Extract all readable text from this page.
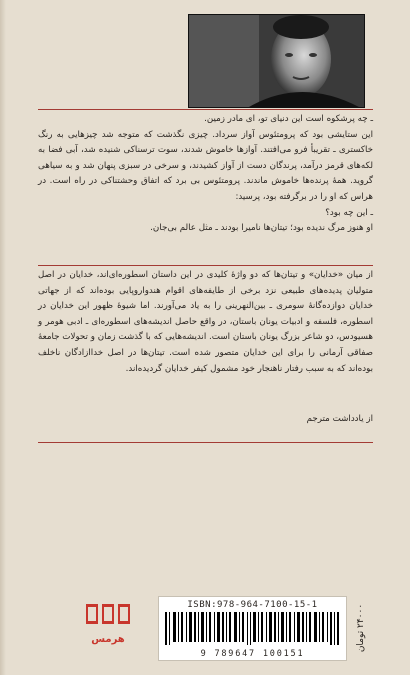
ـ چه پرشکوه است این دنیای تو، ای مادر زمین.

این ستایشی بود که پرومتئوس آواز سرداد. چیزی نگذشت که متوجه شد چیزهایی به رنگ خاکستری ـ تقریبأ فرو می‌افتند. آوازها خاموش شدند، سوت ترسناکی شنیده شد، آبی فضا به لکه‌های قرمز درآمد، پرندگان دست از آواز کشیدند، و سرخی در سبزی پنهان شد و به سیاهی گروید. همهٔ پرنده‌ها خاموش ماندند. پرومتئوس بی برد که اتفاق وحشتناکی در راه است. در هراس که او را در برگرفته بود، پرسید:

ـ این چه بود؟

او هنوز مرگ ندیده بود؛ تیتان‌ها نامیرا بودند ـ مثل عالم بی‌جان.

از میان «خدایان» و تیتان‌ها که دو واژهٔ کلیدی در این داستان اسطوره‌ای‌اند، خدایان در اصل متولیان پدیده‌های طبیعی نزد برخی از طایفه‌های اقوام هندواروپایی بوده‌اند که از جهاتی خدایان دوازده‌گانهٔ سومری ـ بین‌النهرینی را به یاد می‌آورند. اما شیوهٔ ظهور این خدایان در اسطوره، فلسفه و ادبیات یونان باستان، در واقع حاصل اندیشه‌های اسطوره‌ای ـ ادبی هومر و هسیودس، دو شاعر بزرگ یونان باستان است. اندیشه‌هایی که با گذشت زمان و تحولات جامعهٔ صفاقی آرمانی را برای این خدایان متصور شده است. تیتان‌ها در اصل خداازادگان ناخلف بوده‌اند که به سبب رفتار ناهنجار خود مشمول کیفر خدایان گردیده‌اند.

از یادداشت مترجم
هرمس
ISBN:978-964-7100-15-1
9 789647 100151
۲۴۰۰۰ تومان
